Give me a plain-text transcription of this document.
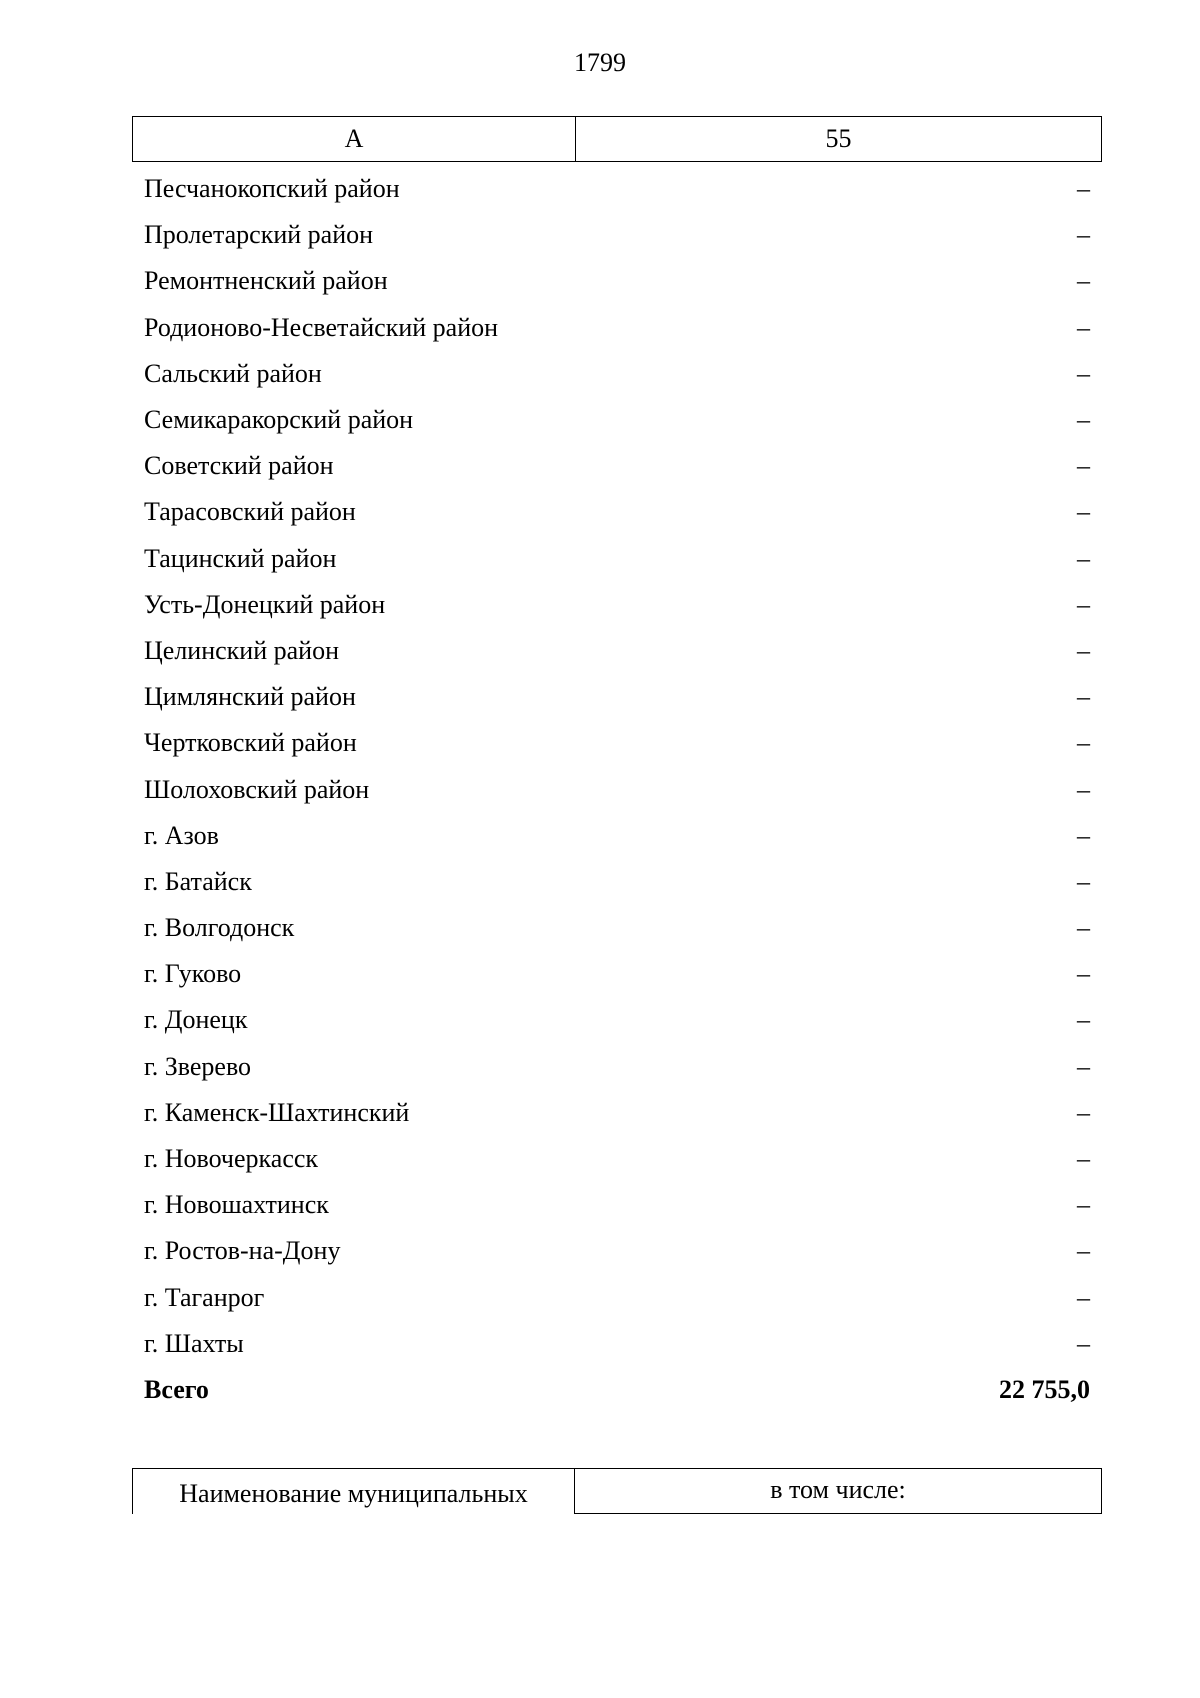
1799
А	55
Песчанокопский район	–
Пролетарский район	–
Ремонтненский район	–
Родионово-Несветайский район	–
Сальский район	–
Семикаракорский район	–
Советский район	–
Тарасовский район	–
Тацинский район	–
Усть-Донецкий район	–
Целинский район	–
Цимлянский район	–
Чертковский район	–
Шолоховский район	–
г. Азов	–
г. Батайск	–
г. Волгодонск	–
г. Гуково	–
г. Донецк	–
г. Зверево	–
г. Каменск-Шахтинский	–
г. Новочеркасск	–
г. Новошахтинск	–
г. Ростов-на-Дону	–
г. Таганрог	–
г. Шахты	–
Всего	22 755,0
Наименование муниципальных	в том числе:
